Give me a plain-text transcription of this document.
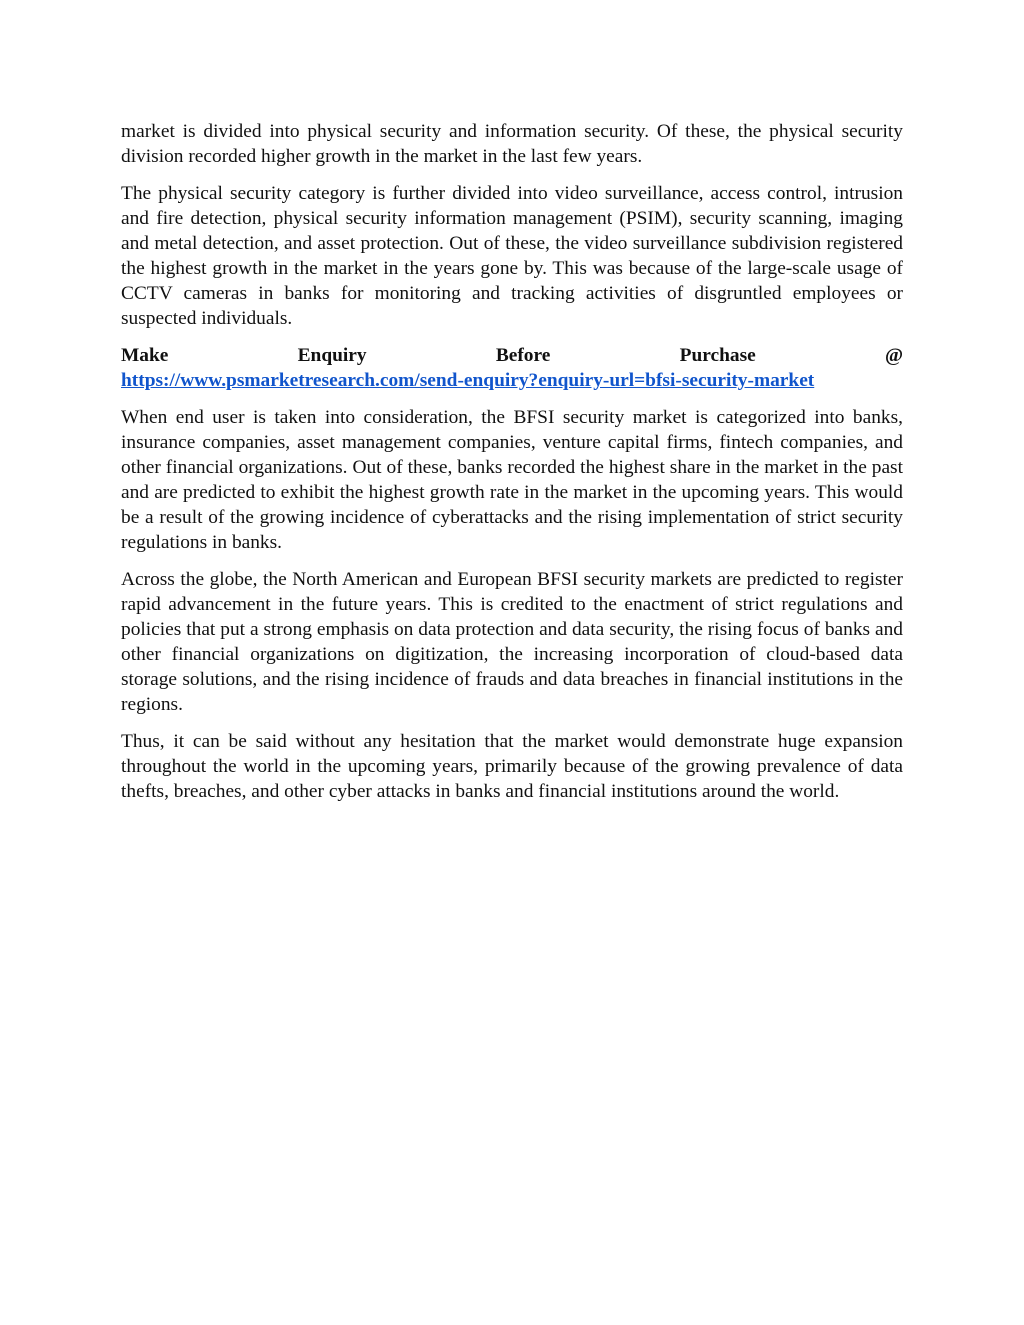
market is divided into physical security and information security. Of these, the physical security division recorded higher growth in the market in the last few years.

The physical security category is further divided into video surveillance, access control, intrusion and fire detection, physical security information management (PSIM), security scanning, imaging and metal detection, and asset protection. Out of these, the video surveillance subdivision registered the highest growth in the market in the years gone by. This was because of the large-scale usage of CCTV cameras in banks for monitoring and tracking activities of disgruntled employees or suspected individuals.

Make	Enquiry	Before	Purchase	@
https://www.psmarketresearch.com/send-enquiry?enquiry-url=bfsi-security-market

When end user is taken into consideration, the BFSI security market is categorized into banks, insurance companies, asset management companies, venture capital firms, fintech companies, and other financial organizations. Out of these, banks recorded the highest share in the market in the past and are predicted to exhibit the highest growth rate in the market in the upcoming years. This would be a result of the growing incidence of cyberattacks and the rising implementation of strict security regulations in banks.

Across the globe, the North American and European BFSI security markets are predicted to register rapid advancement in the future years. This is credited to the enactment of strict regulations and policies that put a strong emphasis on data protection and data security, the rising focus of banks and other financial organizations on digitization, the increasing incorporation of cloud-based data storage solutions, and the rising incidence of frauds and data breaches in financial institutions in the regions.

Thus, it can be said without any hesitation that the market would demonstrate huge expansion throughout the world in the upcoming years, primarily because of the growing prevalence of data thefts, breaches, and other cyber attacks in banks and financial institutions around the world.
